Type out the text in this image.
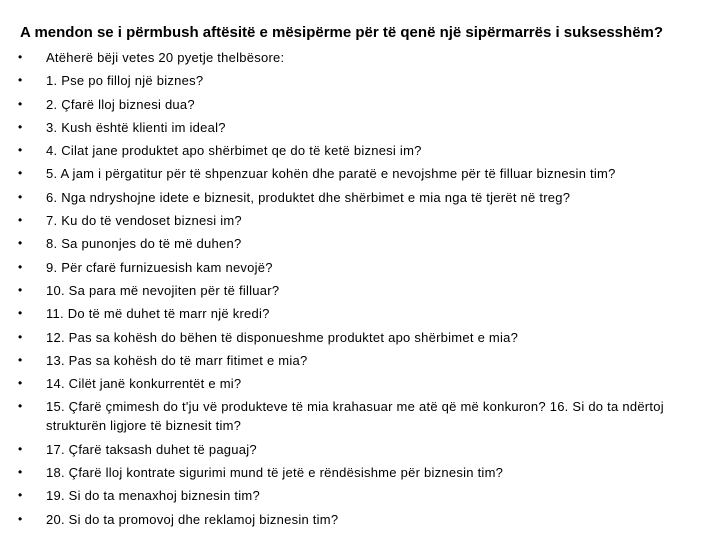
A mendon se i përmbush aftësitë e mësipërme për të qenë një sipërmarrës i suksesshëm?
• Atëherë bëji vetes 20 pyetje thelbësore:
• 1. Pse po filloj një biznes?
• 2. Çfarë lloj biznesi dua?
• 3. Kush është klienti im ideal?
• 4. Cilat jane produktet apo shërbimet qe do të ketë biznesi im?
• 5. A jam i përgatitur për të shpenzuar kohën dhe paratë e nevojshme për të filluar biznesin tim?
• 6. Nga ndryshojne idete e biznesit, produktet dhe shërbimet e mia nga të tjerët në treg?
• 7. Ku do të vendoset biznesi im?
• 8. Sa punonjes do të më duhen?
• 9. Për cfarë furnizuesish kam nevojë?
• 10. Sa para më nevojiten për të filluar?
• 11. Do të më duhet të marr një kredi?
• 12. Pas sa kohësh do bëhen të disponueshme produktet apo shërbimet e mia?
• 13. Pas sa kohësh do të marr fitimet e mia?
• 14. Cilët janë konkurrentët e mi?
• 15. Çfarë çmimesh do t'ju vë produkteve të mia krahasuar me atë që më konkuron? 16. Si do ta ndërtoj strukturën ligjore të biznesit tim?
• 17. Çfarë taksash duhet të paguaj?
• 18. Çfarë lloj kontrate sigurimi mund të jetë e rëndësishme për biznesin tim?
• 19. Si do ta menaxhoj biznesin tim?
• 20. Si do ta promovoj dhe reklamoj biznesin tim?
